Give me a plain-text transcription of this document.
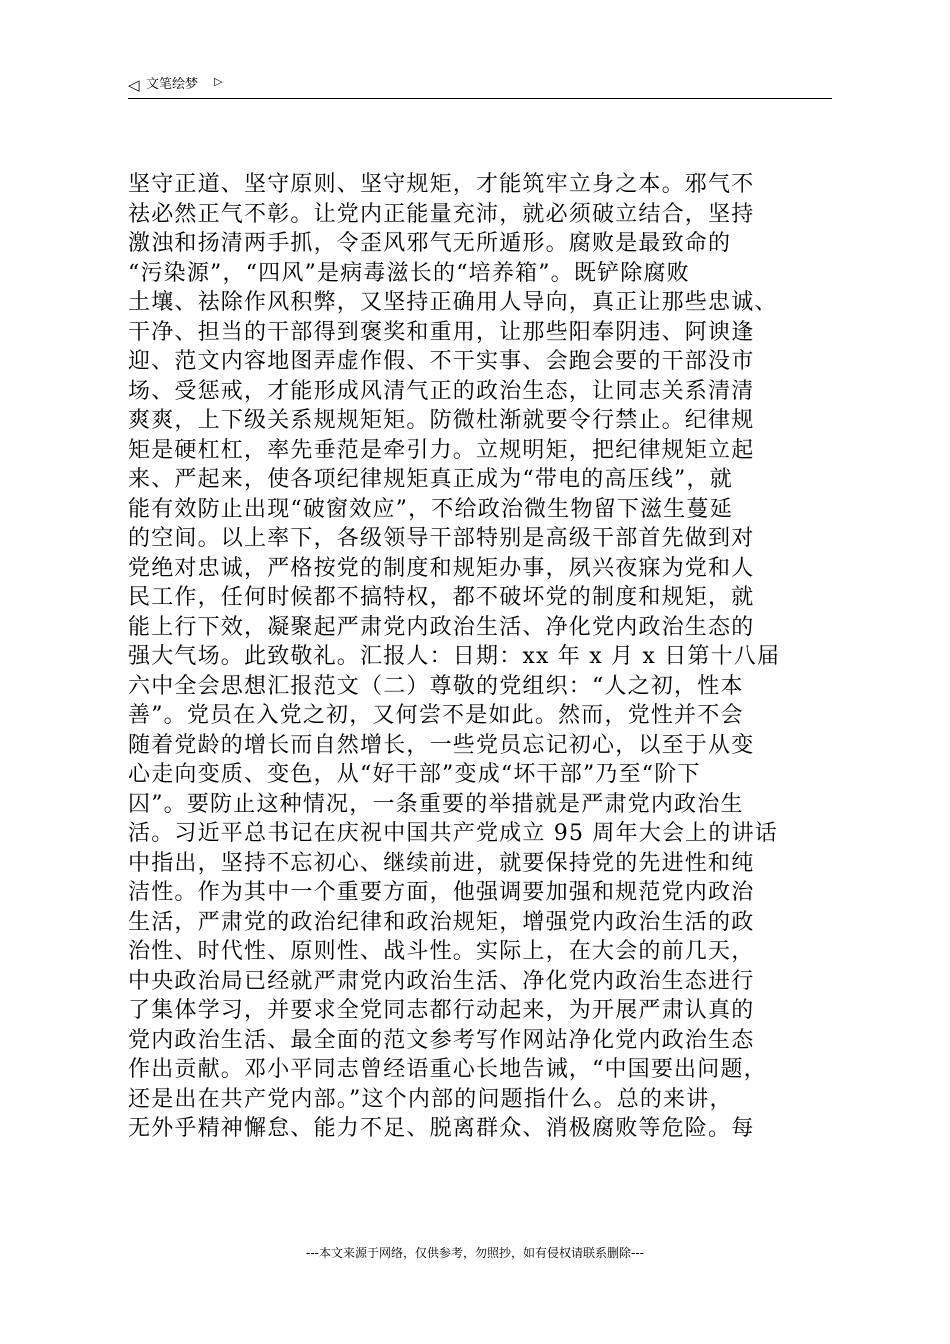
◁ 文笔绘梦 ▷
坚守正道、坚守原则、坚守规矩，才能筑牢立身之本。邪气不
祛必然正气不彰。让党内正能量充沛，就必须破立结合，坚持
激浊和扬清两手抓，令歪风邪气无所遁形。腐败是最致命的
“污染源”，“四风”是病毒滋长的“培养箱”。既铲除腐败
土壤、祛除作风积弊，又坚持正确用人导向，真正让那些忠诚、
干净、担当的干部得到褒奖和重用，让那些阳奉阴违、阿谀逢
迎、范文内容地图弄虚作假、不干实事、会跑会要的干部没市
场、受惩戒，才能形成风清气正的政治生态，让同志关系清清
爽爽，上下级关系规规矩矩。防微杜渐就要令行禁止。纪律规
矩是硬杠杠，率先垂范是牵引力。立规明矩，把纪律规矩立起
来、严起来，使各项纪律规矩真正成为“带电的高压线”，就
能有效防止出现“破窗效应”，不给政治微生物留下滋生蔓延
的空间。以上率下，各级领导干部特别是高级干部首先做到对
党绝对忠诚，严格按党的制度和规矩办事，夙兴夜寐为党和人
民工作，任何时候都不搞特权，都不破坏党的制度和规矩，就
能上行下效，凝聚起严肃党内政治生活、净化党内政治生态的
强大气场。此致敬礼。汇报人：日期：xx 年 x 月 x 日第十八届
六中全会思想汇报范文（二）尊敬的党组织：“人之初，性本
善”。党员在入党之初，又何尝不是如此。然而，党性并不会
随着党龄的增长而自然增长，一些党员忘记初心，以至于从变
心走向变质、变色，从“好干部”变成“坏干部”乃至“阶下
囚”。要防止这种情况，一条重要的举措就是严肃党内政治生
活。习近平总书记在庆祝中国共产党成立 95 周年大会上的讲话
中指出，坚持不忘初心、继续前进，就要保持党的先进性和纯
洁性。作为其中一个重要方面，他强调要加强和规范党内政治
生活，严肃党的政治纪律和政治规矩，增强党内政治生活的政
治性、时代性、原则性、战斗性。实际上，在大会的前几天，
中央政治局已经就严肃党内政治生活、净化党内政治生态进行
了集体学习，并要求全党同志都行动起来，为开展严肃认真的
党内政治生活、最全面的范文参考写作网站净化党内政治生态
作出贡献。邓小平同志曾经语重心长地告诫，“中国要出问题，
还是出在共产党内部。”这个内部的问题指什么。总的来讲，
无外乎精神懈怠、能力不足、脱离群众、消极腐败等危险。每
---本文来源于网络，仅供参考，勿照抄，如有侵权请联系删除---
